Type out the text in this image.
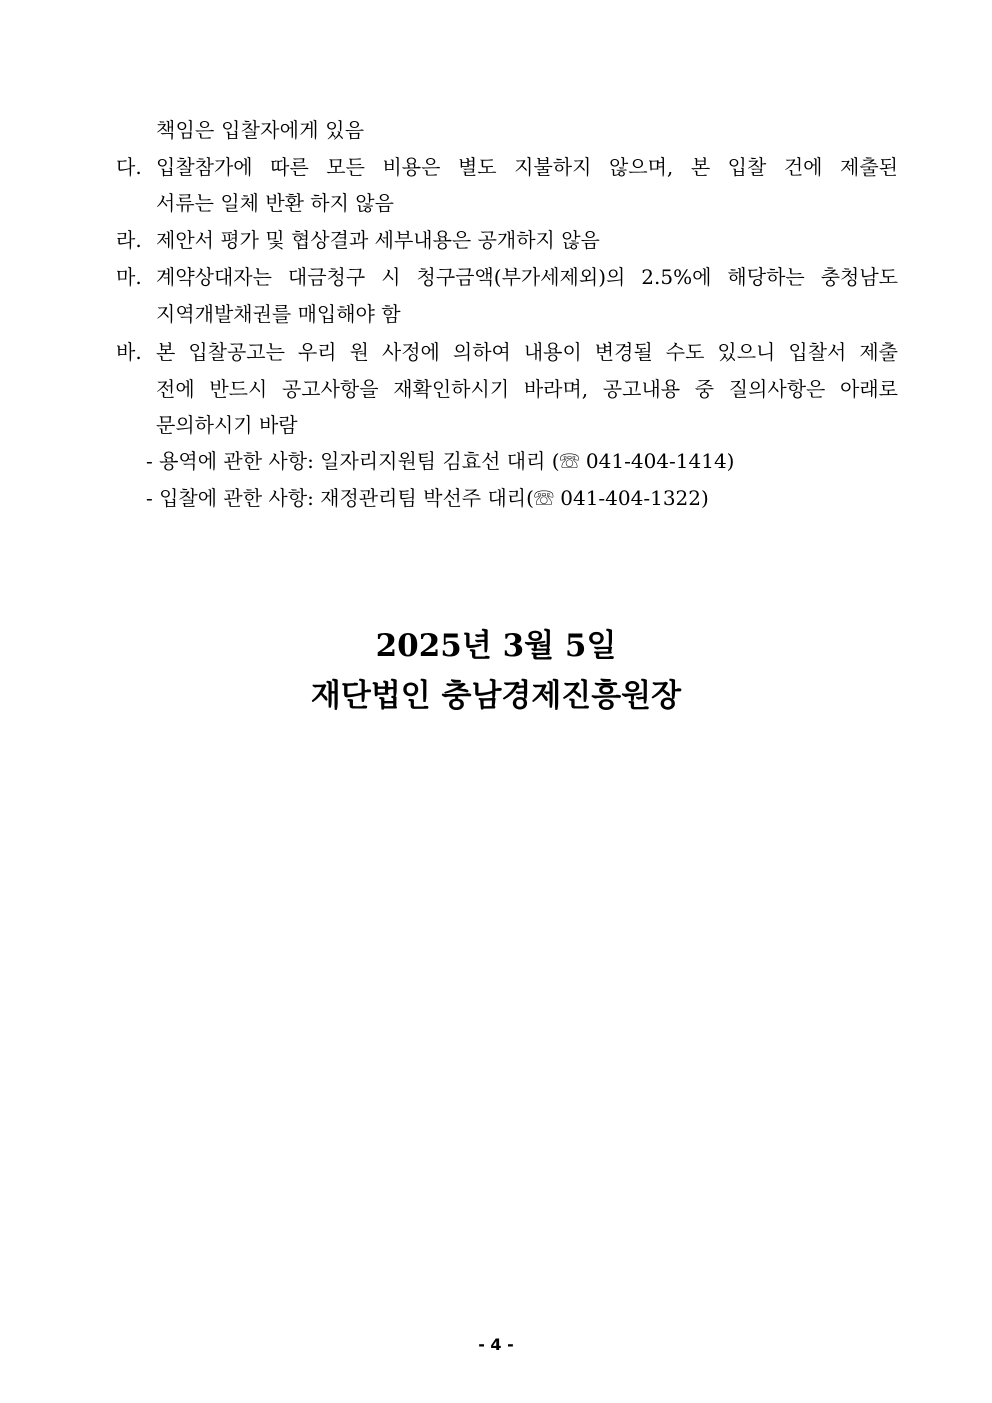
책임은 입찰자에게 있음
다. 입찰참가에 따른 모든 비용은 별도 지불하지 않으며, 본 입찰 건에 제출된
서류는 일체 반환 하지 않음
라. 제안서 평가 및 협상결과 세부내용은 공개하지 않음
마. 계약상대자는 대금청구 시 청구금액(부가세제외)의 2.5%에 해당하는 충청남도
지역개발채권를 매입해야 함
바. 본 입찰공고는 우리 원 사정에 의하여 내용이 변경될 수도 있으니 입찰서 제출
전에 반드시 공고사항을 재확인하시기 바라며, 공고내용 중 질의사항은 아래로
문의하시기 바람
- 용역에 관한 사항: 일자리지원팀 김효선 대리 (☏ 041-404-1414)
- 입찰에 관한 사항: 재정관리팀 박선주 대리(☏ 041-404-1322)
2025년 3월 5일
재단법인 충남경제진흥원장
- 4 -
